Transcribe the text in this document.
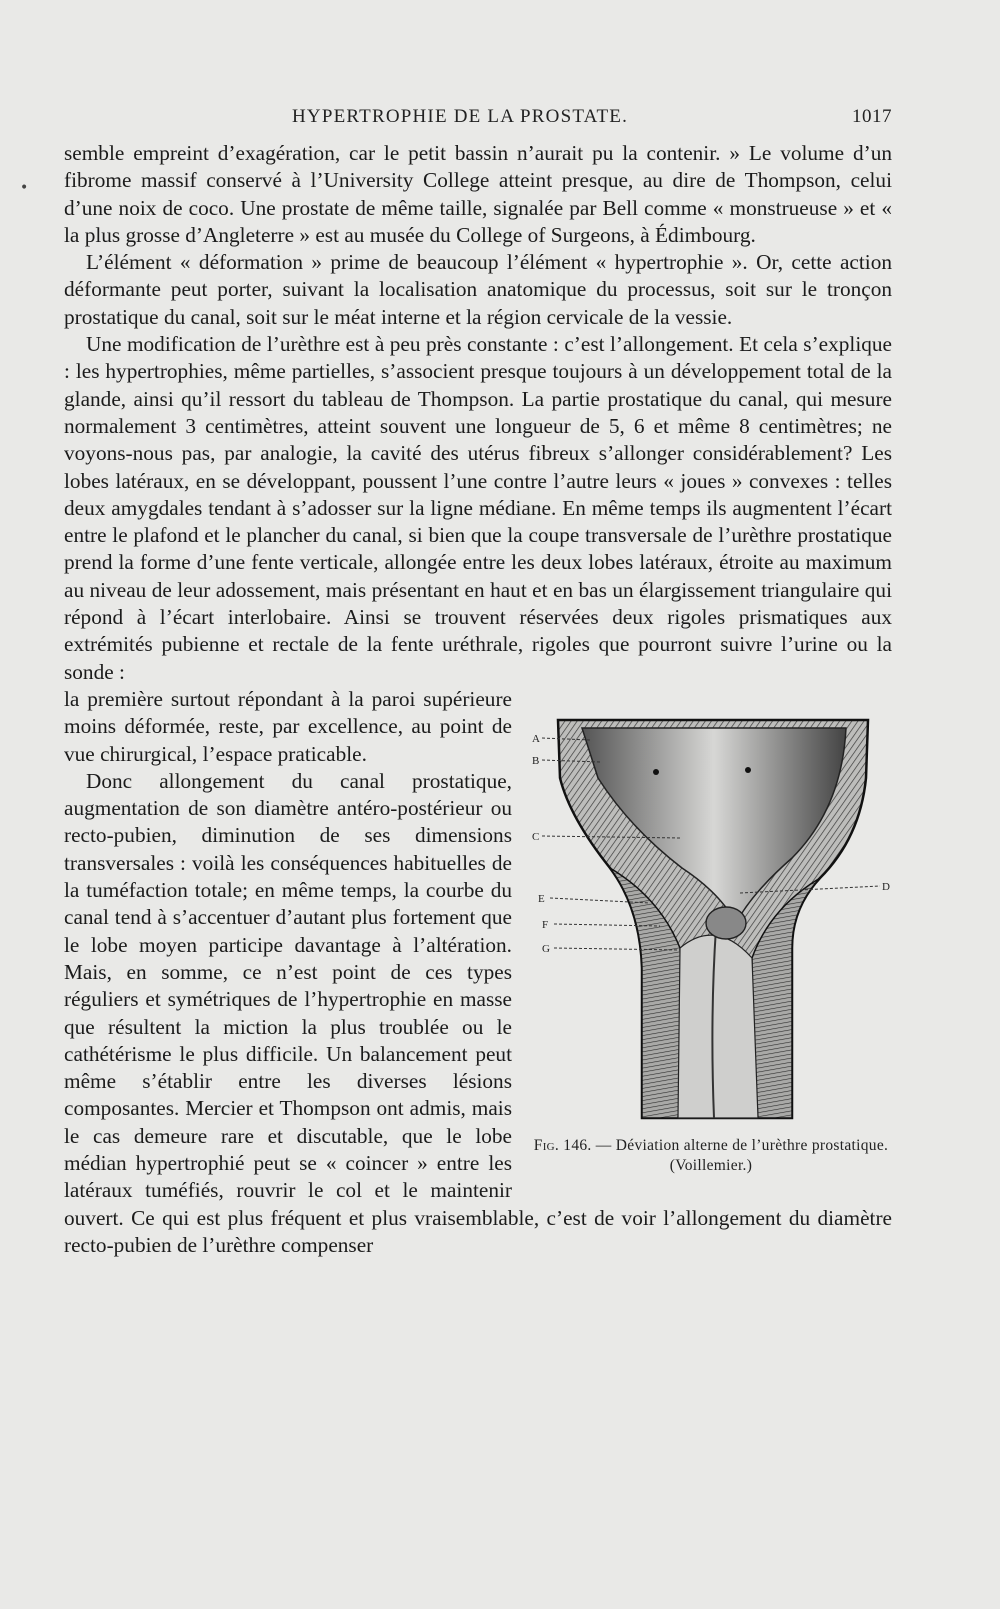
HYPERTROPHIE DE LA PROSTATE.	1017
•

semble empreint d’exagération, car le petit bassin n’aurait pu la contenir. » Le volume d’un fibrome massif conservé à l’University College atteint presque, au dire de Thompson, celui d’une noix de coco. Une prostate de même taille, signalée par Bell comme « monstrueuse » et « la plus grosse d’Angleterre » est au musée du College of Surgeons, à Édimbourg.

L’élément « déformation » prime de beaucoup l’élément « hypertrophie ». Or, cette action déformante peut porter, suivant la localisation anatomique du processus, soit sur le tronçon prostatique du canal, soit sur le méat interne et la région cervicale de la vessie.

Une modification de l’urèthre est à peu près constante : c’est l’allongement. Et cela s’explique : les hypertrophies, même partielles, s’associent presque toujours à un développement total de la glande, ainsi qu’il ressort du tableau de Thompson. La partie prostatique du canal, qui mesure normalement 3 centimètres, atteint souvent une longueur de 5, 6 et même 8 centimètres; ne voyons-nous pas, par analogie, la cavité des utérus fibreux s’allonger considérablement? Les lobes latéraux, en se développant, poussent l’une contre l’autre leurs « joues » convexes : telles deux amygdales tendant à s’adosser sur la ligne médiane. En même temps ils augmentent l’écart entre le plafond et le plancher du canal, si bien que la coupe transversale de l’urèthre prostatique prend la forme d’une fente verticale, allongée entre les deux lobes latéraux, étroite au maximum au niveau de leur adossement, mais présentant en haut et en bas un élargissement triangulaire qui répond à l’écart interlobaire. Ainsi se trouvent réservées deux rigoles prismatiques aux extrémités pubienne et rectale de la fente uréthrale, rigoles que pourront suivre l’urine ou la sonde :

A
B
C
D
E
F
G
Fig. 146. — Déviation alterne de l’urèthre prostatique. (Voillemier.)

la première surtout répondant à la paroi supérieure moins déformée, reste, par excellence, au point de vue chirurgical, l’espace praticable.

Donc allongement du canal prostatique, augmentation de son diamètre antéro-postérieur ou recto-pubien, diminution de ses dimensions transversales : voilà les conséquences habituelles de la tuméfaction totale; en même temps, la courbe du canal tend à s’accentuer d’autant plus fortement que le lobe moyen participe davantage à l’altération. Mais, en somme, ce n’est point de ces types réguliers et symétriques de l’hypertrophie en masse que résultent la miction la plus troublée ou le cathétérisme le plus difficile. Un balancement peut même s’établir entre les diverses lésions composantes. Mercier et Thompson ont admis, mais le cas demeure rare et discutable, que le lobe médian hypertrophié peut se « coincer » entre les latéraux tuméfiés, rouvrir le col et le maintenir ouvert. Ce qui est plus fréquent et plus vraisemblable, c’est de voir l’allongement du diamètre recto-pubien de l’urèthre compenser
